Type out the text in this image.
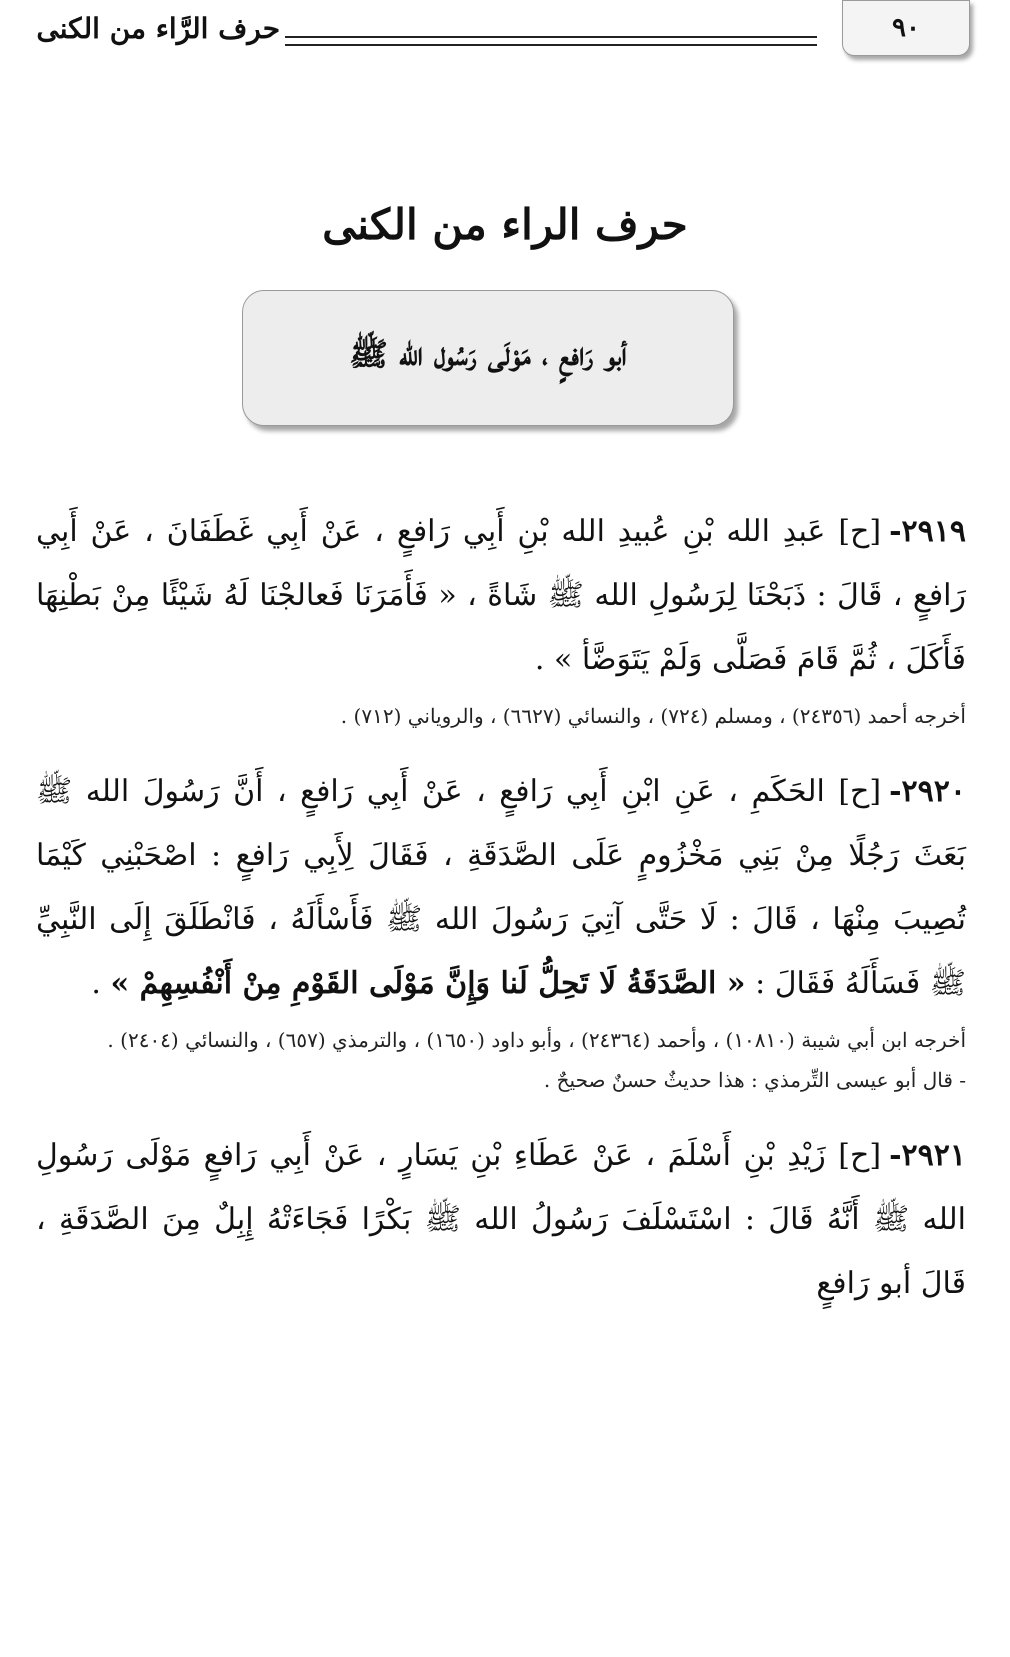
٩٠
حرف الرَّاء من الكنى
حرف الراء من الكنى
أبو رَافعٍ ، مَوْلَى رَسُول الله ﷺ

٢٩١٩-[ح] عَبدِ الله بْنِ عُبيدِ الله بْنِ أَبِي رَافعٍ ، عَنْ أَبِي غَطَفَانَ ، عَنْ أَبِي رَافعٍ ، قَالَ : ذَبَحْنَا لِرَسُولِ الله ﷺ شَاةً ، « فَأَمَرَنَا فَعالجْنَا لَهُ شَيْئًا مِنْ بَطْنِهَا فَأَكَلَ ، ثُمَّ قَامَ فَصَلَّى وَلَمْ يَتَوَضَّأ » .

أخرجه أحمد (٢٤٣٥٦) ، ومسلم (٧٢٤) ، والنسائي (٦٦٢٧) ، والروياني (٧١٢) .

٢٩٢٠-[ح] الحَكَمِ ، عَنِ ابْنِ أَبِي رَافعٍ ، عَنْ أَبِي رَافعٍ ، أَنَّ رَسُولَ الله ﷺ بَعَثَ رَجُلًا مِنْ بَنِي مَخْزُومٍ عَلَى الصَّدَقَةِ ، فَقَالَ لِأَبِي رَافعٍ : اصْحَبْنِي كَيْمَا تُصِيبَ مِنْهَا ، قَالَ : لَا حَتَّى آتِيَ رَسُولَ الله ﷺ فَأَسْأَلَهُ ، فَانْطَلَقَ إِلَى النَّبِيِّ ﷺ فَسَأَلَهُ فَقَالَ : « الصَّدَقَةُ لَا تَحِلُّ لَنا وَإِنَّ مَوْلَى القَوْمِ مِنْ أَنْفُسِهِمْ » .

أخرجه ابن أبي شيبة (١٠٨١٠) ، وأحمد (٢٤٣٦٤) ، وأبو داود (١٦٥٠) ، والترمذي (٦٥٧) ، والنسائي (٢٤٠٤) .

- قال أبو عيسى التِّرمذي : هذا حديثٌ حسنٌ صحيحٌ .

٢٩٢١-[ح] زَيْدِ بْنِ أَسْلَمَ ، عَنْ عَطَاءِ بْنِ يَسَارٍ ، عَنْ أَبِي رَافعٍ مَوْلَى رَسُولِ الله ﷺ أَنَّهُ قَالَ : اسْتَسْلَفَ رَسُولُ الله ﷺ بَكْرًا فَجَاءَتْهُ إِبِلٌ مِنَ الصَّدَقَةِ ، قَالَ أبو رَافعٍ
